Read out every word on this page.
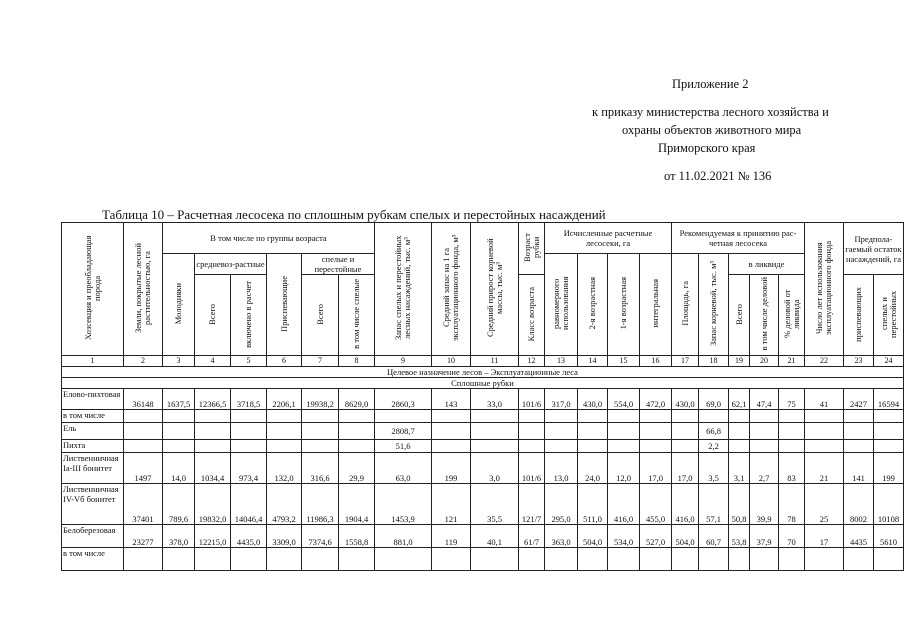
Приложение 2
к приказу министерства лесного хозяйства и
охраны объектов животного мира
Приморского края
от 11.02.2021 № 136
Таблица 10 – Расчетная лесосека по сплошным рубкам спелых и перестойных насаждений
Хозсекция и преобладающая порода	Земли, покрытые лесной растительностью, га	В том числе по группы возраста						Запас спелых и перестойных лесных насаждений, тыс. м³	Средний запас на 1 га эксплуатационного фонда, м³	Средний прирост корневой массы, тыс. м³	Возраст рубки	Исчисленные расчетные лесосеки, га				Рекомендуемая к принятию рас-четная лесосека					Число лет использования эксплуатационного фонда	Предпола-гаемый остаток насаждений, га	
		Молодняки	средневоз-растные		Приспевающие	спелые и перестойные						равномерного использования	2-я возрастная	1-я возрастная	интегральная	Площадь, га	Запас корневой, тыс. м³	в ликвиде					
			Всего	включено в расчет		Всего	в том числе спелые				Класс возраста							Всего	в том числе деловой	% деловой от ликвида		приспевающих	спелых и перестойных
1	2	3	4	5	6	7	8	9	10	11	12	13	14	15	16	17	18	19	20	21	22	23	24
Целевое назначение лесов – Эксплуатационные леса																							
Сплошные рубки																							
Елово-пихтовая	36148	1637,5	12366,5	3718,5	2206,1	19938,2	8629,0	2860,3	143	33,0	101/6	317,0	430,0	554,0	472,0	430,0	69,0	62,1	47,4	75	41	2427	16594
в том числе																							
Ель								2808,7									66,8						
Пихта								51,6									2,2						
Лиственничная Ia-III бонитет	1497	14,0	1034,4	973,4	132,0	316,6	29,9	63,0	199	3,0	101/6	13,0	24,0	12,0	17,0	17,0	3,5	3,1	2,7	83	21	141	199
Лиственничная IV-Vб бонитет	37401	789,6	19832,0	14046,4	4793,2	11986,3	1904,4	1453,9	121	35,5	121/7	295,0	511,0	416,0	455,0	416,0	57,1	50,8	39,9	78	25	8002	10108
Белоберезовая	23277	378,0	12215,0	4435,0	3309,0	7374,6	1558,8	881,0	119	40,1	61/7	363,0	504,0	534,0	527,0	504,0	60,7	53,8	37,9	70	17	4435	5610
в том числе																							
